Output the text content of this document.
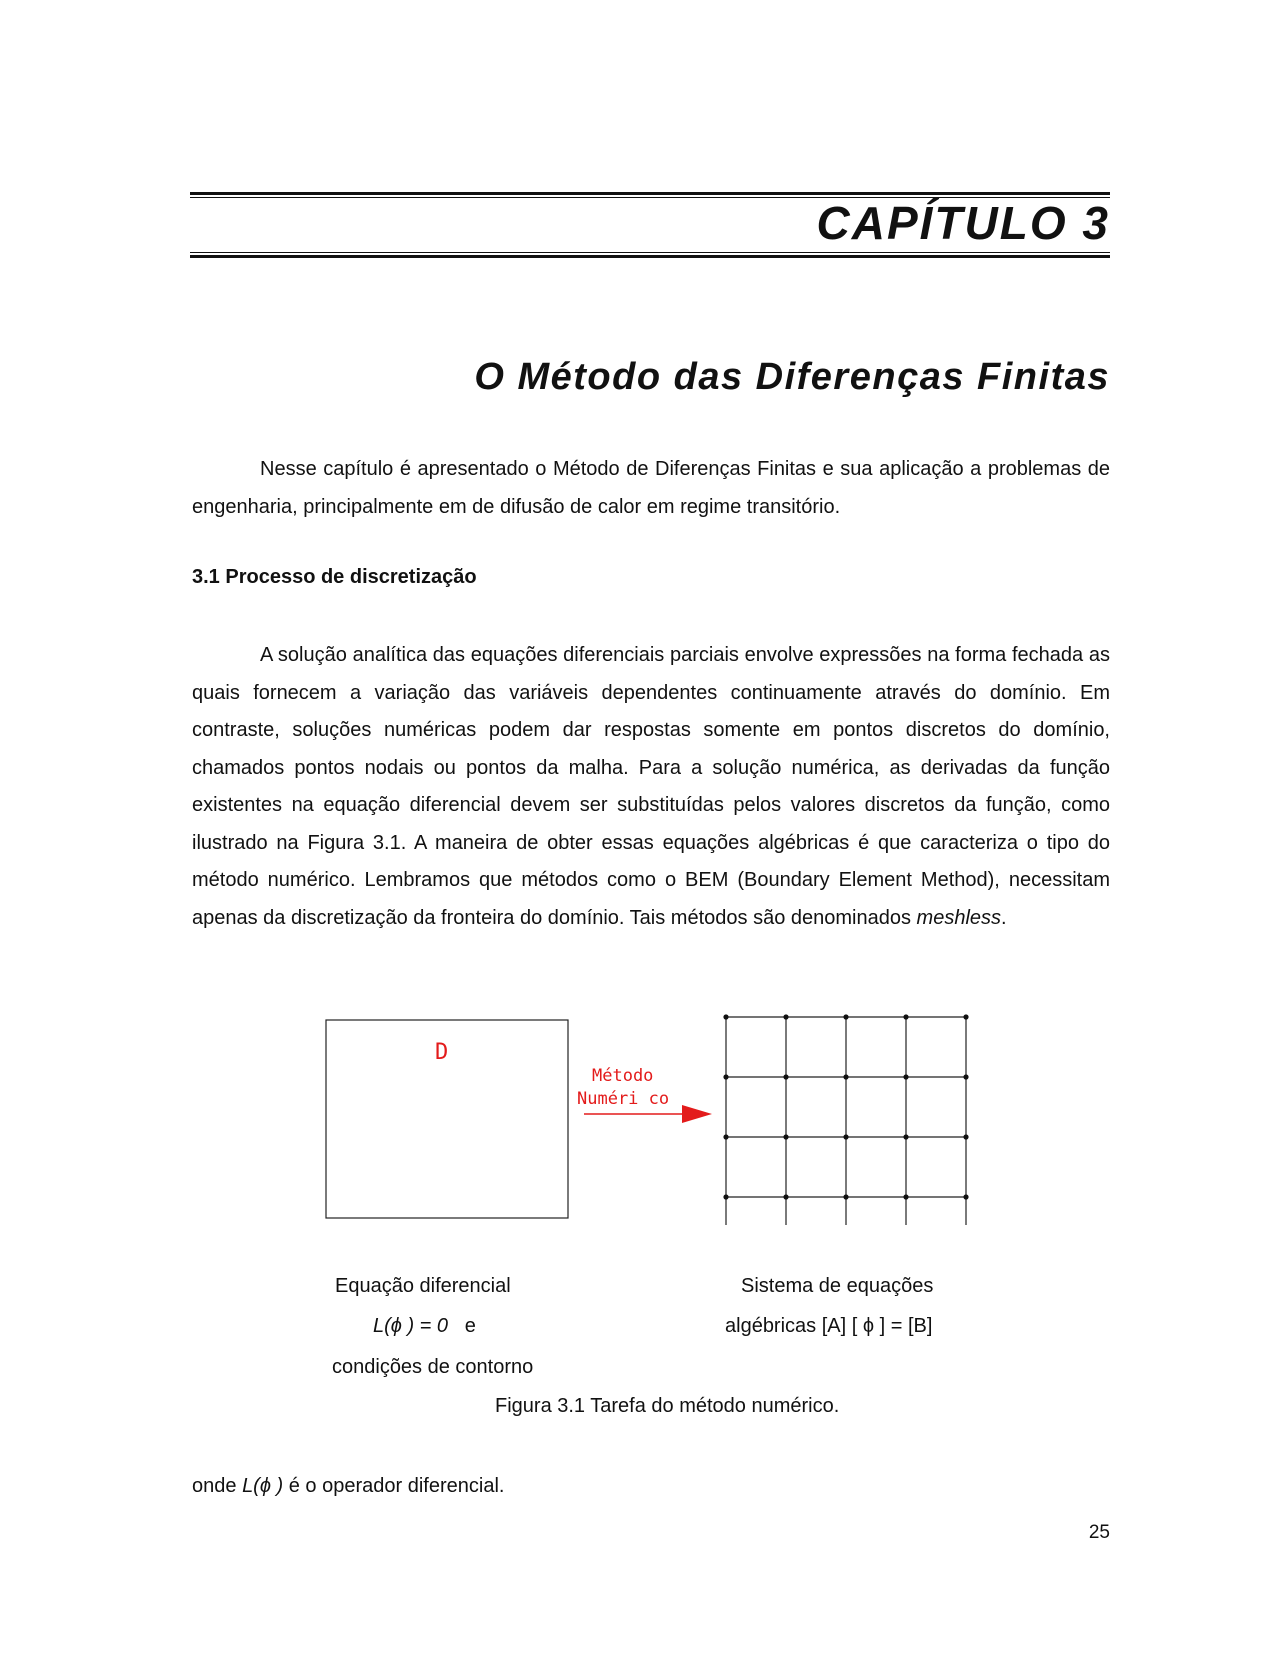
CAPÍTULO 3
O Método das Diferenças Finitas

Nesse capítulo é apresentado o Método de Diferenças Finitas e sua aplicação a problemas de engenharia, principalmente em de difusão de calor em regime transitório.

3.1 Processo de discretização

A solução analítica das equações diferenciais parciais envolve expressões na forma fechada as quais fornecem a variação das variáveis dependentes continuamente através do domínio. Em contraste, soluções numéricas podem dar respostas somente em pontos discretos do domínio, chamados pontos nodais ou pontos da malha. Para a solução numérica, as derivadas da função existentes na equação diferencial devem ser substituídas pelos valores discretos da função, como ilustrado na Figura 3.1. A maneira de obter essas equações algébricas é que caracteriza o tipo do método numérico. Lembramos que métodos como o BEM (Boundary Element Method), necessitam apenas da discretização da fronteira do domínio. Tais métodos são denominados meshless.

D
Método
Numéri co
Equação diferencial
L(ϕ ) = 0 e
condições de contorno
Sistema de equações
algébricas [A] [ ϕ ] = [B]
Figura 3.1 Tarefa do método numérico.

onde L(ϕ ) é o operador diferencial.

25
